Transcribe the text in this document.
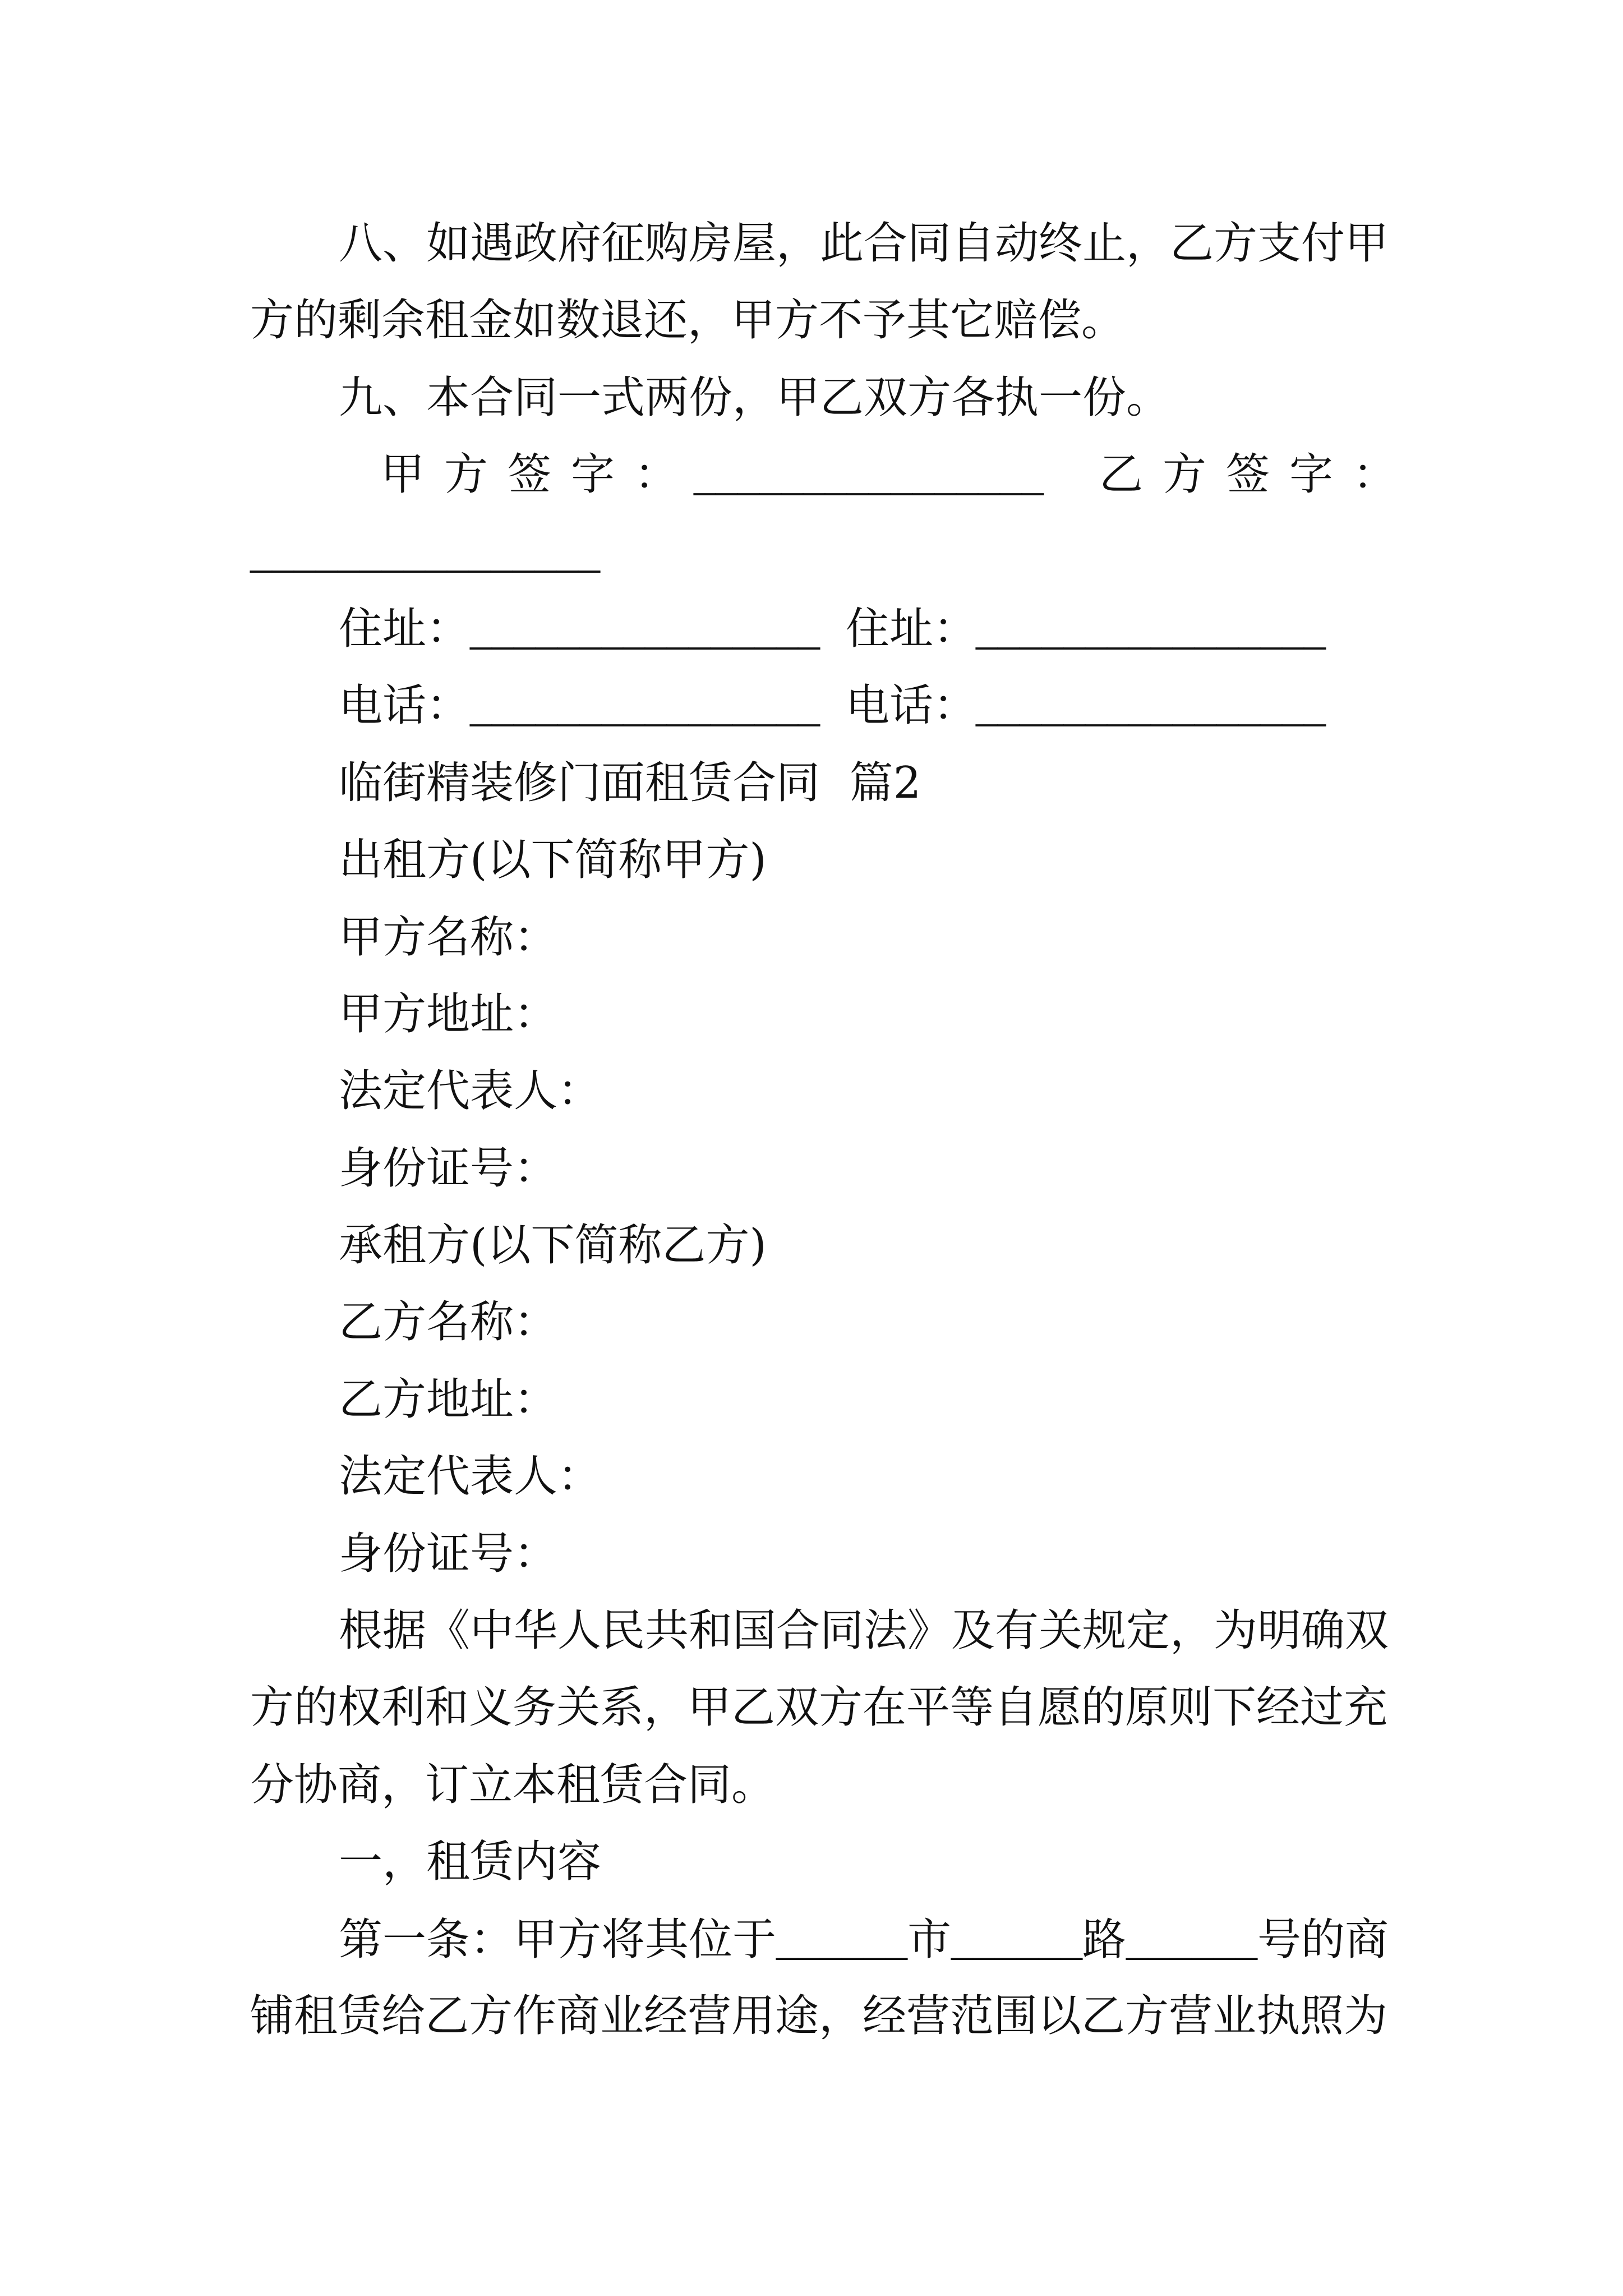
八、如遇政府征购房屋，此合同自动终止，乙方支付甲
方的剩余租金如数退还，甲方不予其它赔偿。
九、本合同一式两份，甲乙双方各执一份。

甲方签字：

________________

乙方签字：

________________

住址：

________________

住址：

________________

电话：

________________

电话：

________________

临街精装修门面租赁合同 篇2
出租方(以下简称甲方)
甲方名称：
甲方地址：
法定代表人：
身份证号：
承租方(以下简称乙方)
乙方名称：
乙方地址：
法定代表人：
身份证号：
根据《中华人民共和国合同法》及有关规定，为明确双
方的权利和义务关系，甲乙双方在平等自愿的原则下经过充
分协商，订立本租赁合同。
一，租赁内容
第一条：甲方将其位于______市______路______号的商
铺租赁给乙方作商业经营用途，经营范围以乙方营业执照为
